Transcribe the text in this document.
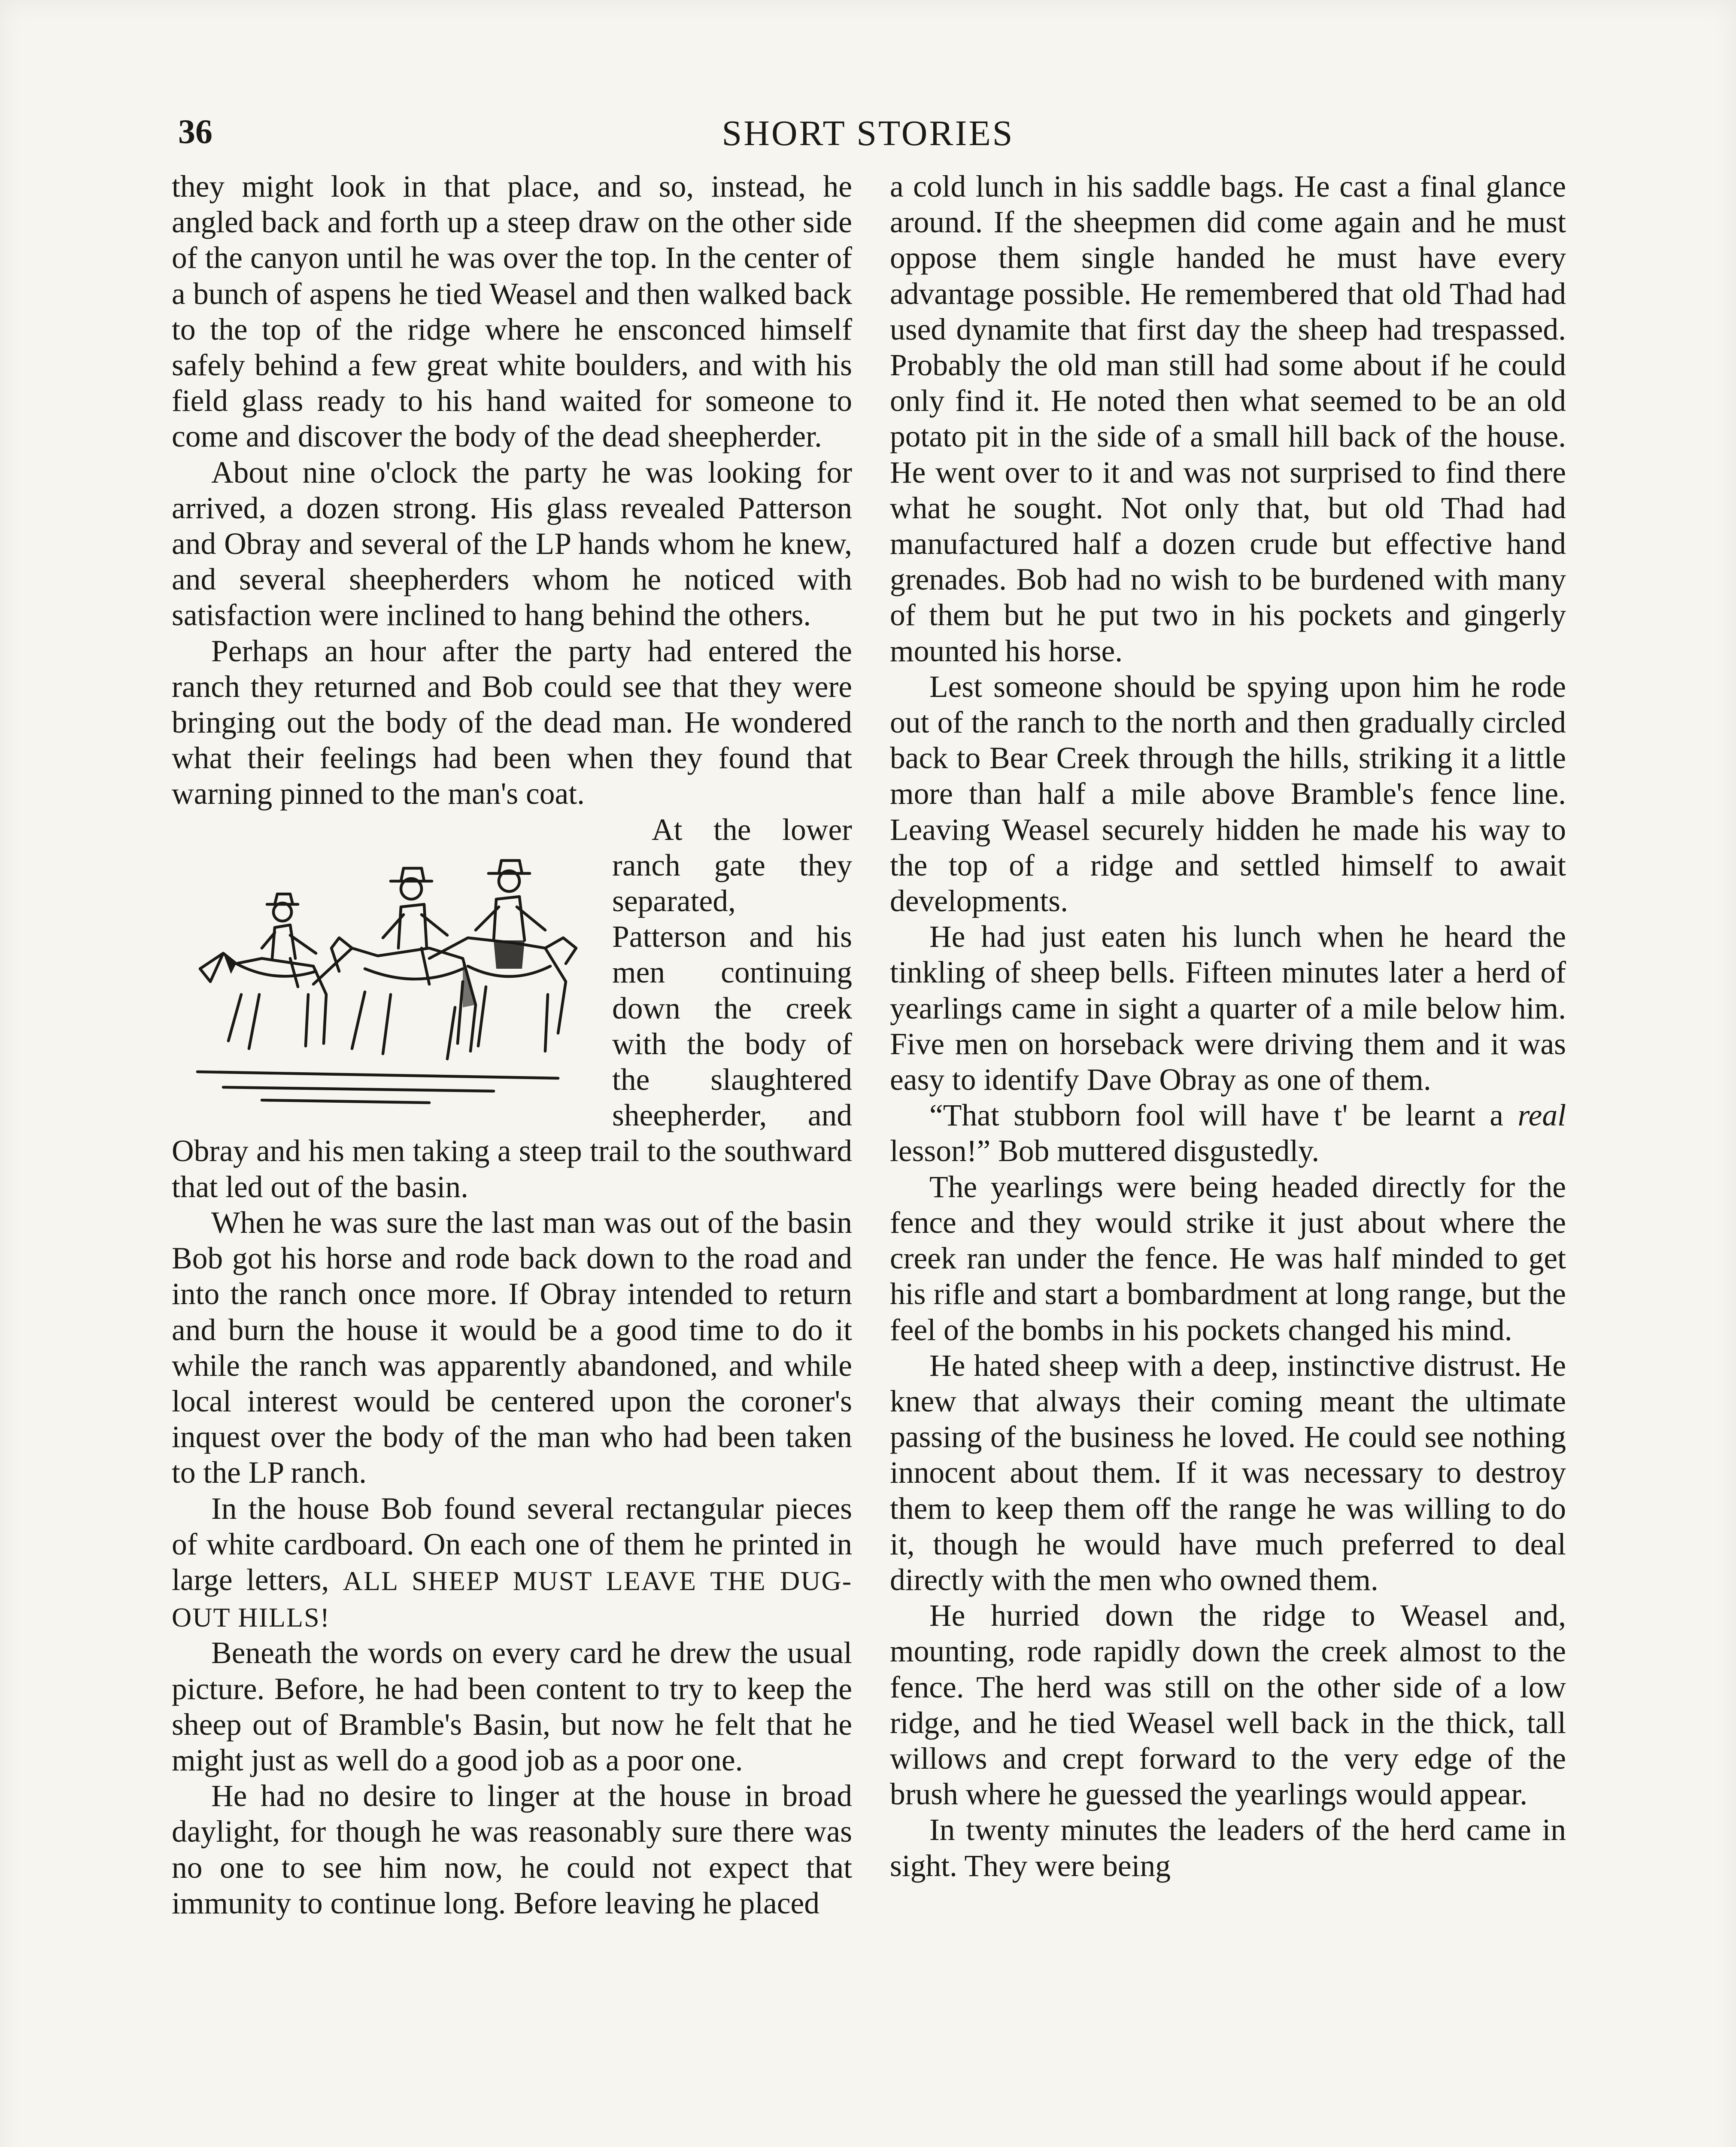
36	SHORT STORIES

they might look in that place, and so, instead, he angled back and forth up a steep draw on the other side of the canyon until he was over the top. In the center of a bunch of aspens he tied Weasel and then walked back to the top of the ridge where he ensconced himself safely behind a few great white boulders, and with his field glass ready to his hand waited for someone to come and discover the body of the dead sheepherder.

About nine o'clock the party he was looking for arrived, a dozen strong. His glass revealed Patterson and Obray and several of the LP hands whom he knew, and several sheepherders whom he noticed with satisfaction were inclined to hang behind the others.

Perhaps an hour after the party had entered the ranch they returned and Bob could see that they were bringing out the body of the dead man. He wondered what their feelings had been when they found that warning pinned to the man's coat.

At the lower ranch gate they separated, Patterson and his men continuing down the creek with the body of the slaughtered sheepherder, and Obray and his men taking a steep trail to the southward that led out of the basin.

When he was sure the last man was out of the basin Bob got his horse and rode back down to the road and into the ranch once more. If Obray intended to return and burn the house it would be a good time to do it while the ranch was apparently abandoned, and while local interest would be centered upon the coroner's inquest over the body of the man who had been taken to the LP ranch.

In the house Bob found several rectangular pieces of white cardboard. On each one of them he printed in large letters, ALL SHEEP MUST LEAVE THE DUG-OUT HILLS!

Beneath the words on every card he drew the usual picture. Before, he had been content to try to keep the sheep out of Bramble's Basin, but now he felt that he might just as well do a good job as a poor one.

He had no desire to linger at the house in broad daylight, for though he was reasonably sure there was no one to see him now, he could not expect that immunity to continue long. Before leaving he placed

a cold lunch in his saddle bags. He cast a final glance around. If the sheepmen did come again and he must oppose them single handed he must have every advantage possible. He remembered that old Thad had used dynamite that first day the sheep had trespassed. Probably the old man still had some about if he could only find it. He noted then what seemed to be an old potato pit in the side of a small hill back of the house. He went over to it and was not surprised to find there what he sought. Not only that, but old Thad had manufactured half a dozen crude but effective hand grenades. Bob had no wish to be burdened with many of them but he put two in his pockets and gingerly mounted his horse.

Lest someone should be spying upon him he rode out of the ranch to the north and then gradually circled back to Bear Creek through the hills, striking it a little more than half a mile above Bramble's fence line. Leaving Weasel securely hidden he made his way to the top of a ridge and settled himself to await developments.

He had just eaten his lunch when he heard the tinkling of sheep bells. Fifteen minutes later a herd of yearlings came in sight a quarter of a mile below him. Five men on horseback were driving them and it was easy to identify Dave Obray as one of them.

“That stubborn fool will have t' be learnt a real lesson!” Bob muttered disgustedly.

The yearlings were being headed directly for the fence and they would strike it just about where the creek ran under the fence. He was half minded to get his rifle and start a bombardment at long range, but the feel of the bombs in his pockets changed his mind.

He hated sheep with a deep, instinctive distrust. He knew that always their coming meant the ultimate passing of the business he loved. He could see nothing innocent about them. If it was necessary to destroy them to keep them off the range he was willing to do it, though he would have much preferred to deal directly with the men who owned them.

He hurried down the ridge to Weasel and, mounting, rode rapidly down the creek almost to the fence. The herd was still on the other side of a low ridge, and he tied Weasel well back in the thick, tall willows and crept forward to the very edge of the brush where he guessed the yearlings would appear.

In twenty minutes the leaders of the herd came in sight. They were being
